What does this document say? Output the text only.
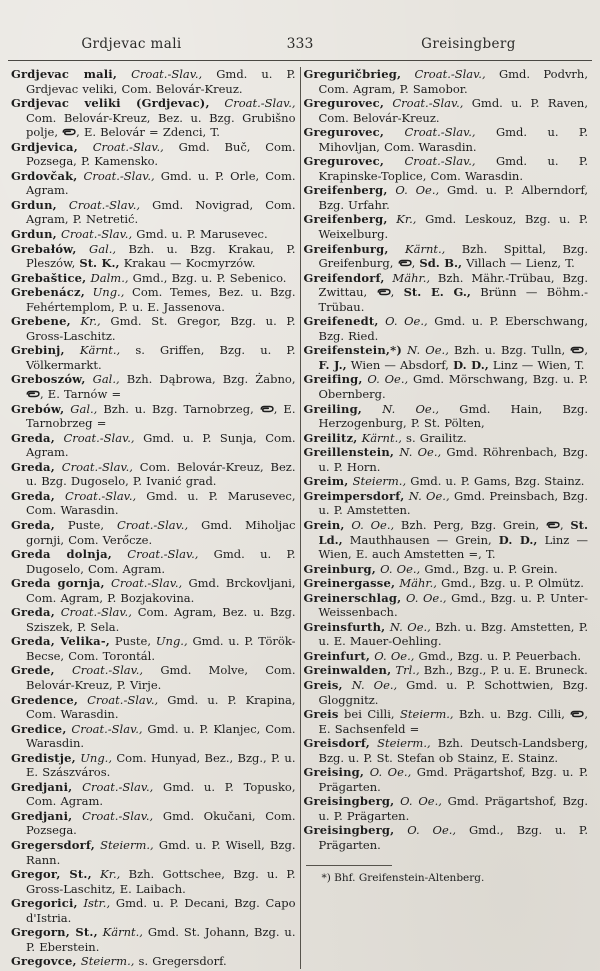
Grdjevac mali	333	Greisingberg

Grdjevac mali, Croat.-Slav., Gmd. u. P. Grdjevac veliki, Com. Belovár-Kreuz.

Grdjevac veliki (Grdjevac), Croat.-Slav., Com. Belovár-Kreuz, Bez. u. Bzg. Grubišno polje,
, E. Belovár = Zdenci, T.

Grdjevica, Croat.-Slav., Gmd. Buč, Com. Pozsega, P. Kamensko.

Grdovčak, Croat.-Slav., Gmd. u. P. Orle, Com. Agram.

Grdun, Croat.-Slav., Gmd. Novigrad, Com. Agram, P. Netretić.

Grdun, Croat.-Slav., Gmd. u. P. Marusevec.

Grebałów, Gal., Bzh. u. Bzg. Krakau, P. Pleszów, St. K., Krakau — Kocmyrzów.

Grebaštice, Dalm., Gmd., Bzg. u. P. Sebenico.

Grebenácz, Ung., Com. Temes, Bez. u. Bzg. Fehértemplom, P. u. E. Jassenova.

Grebene, Kr., Gmd. St. Gregor, Bzg. u. P. Gross-Laschitz.

Grebinj, Kärnt., s. Griffen, Bzg. u. P. Völkermarkt.

Greboszów, Gal., Bzh. Dąbrowa, Bzg. Żabno,
, E. Tarnów =

Grebów, Gal., Bzh. u. Bzg. Tarnobrzeg,
, E. Tarnobrzeg =

Greda, Croat.-Slav., Gmd. u. P. Sunja, Com. Agram.

Greda, Croat.-Slav., Com. Belovár-Kreuz, Bez. u. Bzg. Dugoselo, P. Ivanić grad.

Greda, Croat.-Slav., Gmd. u. P. Marusevec, Com. Warasdin.

Greda, Puste, Croat.-Slav., Gmd. Miholjac gornji, Com. Verőcze.

Greda dolnja, Croat.-Slav., Gmd. u. P. Dugoselo, Com. Agram.

Greda gornja, Croat.-Slav., Gmd. Brckovljani, Com. Agram, P. Bozjakovina.

Greda, Croat.-Slav., Com. Agram, Bez. u. Bzg. Sziszek, P. Sela.

Greda, Velika-, Puste, Ung., Gmd. u. P. Török-Becse, Com. Torontál.

Grede, Croat.-Slav., Gmd. Molve, Com. Belovár-Kreuz, P. Virje.

Gredence, Croat.-Slav., Gmd. u. P. Krapina, Com. Warasdin.

Gredice, Croat.-Slav., Gmd. u. P. Klanjec, Com. Warasdin.

Gredistje, Ung., Com. Hunyad, Bez., Bzg., P. u. E. Szászváros.

Gredjani, Croat.-Slav., Gmd. u. P. Topusko, Com. Agram.

Gredjani, Croat.-Slav., Gmd. Okučani, Com. Pozsega.

Gregersdorf, Steierm., Gmd. u. P. Wisell, Bzg. Rann.

Gregor, St., Kr., Bzh. Gottschee, Bzg. u. P. Gross-Laschitz, E. Laibach.

Gregorici, Istr., Gmd. u. P. Decani, Bzg. Capo d'Istria.

Gregorn, St., Kärnt., Gmd. St. Johann, Bzg. u. P. Eberstein.

Gregovce, Steierm., s. Gregersdorf.

Greguričbrieg, Croat.-Slav., Gmd. Podvrh, Com. Agram, P. Samobor.

Gregurovec, Croat.-Slav., Gmd. u. P. Raven, Com. Belovár-Kreuz.

Gregurovec, Croat.-Slav., Gmd. u. P. Mihovljan, Com. Warasdin.

Gregurovec, Croat.-Slav., Gmd. u. P. Krapinske-Toplice, Com. Warasdin.

Greifenberg, O. Oe., Gmd. u. P. Alberndorf, Bzg. Urfahr.

Greifenberg, Kr., Gmd. Leskouz, Bzg. u. P. Weixelburg.

Greifenburg, Kärnt., Bzh. Spittal, Bzg. Greifenburg,
, Sd. B., Villach — Lienz, T.

Greifendorf, Mähr., Bzh. Mähr.-Trübau, Bzg. Zwittau,
, St. E. G., Brünn — Böhm.-Trübau.

Greifenedt, O. Oe., Gmd. u. P. Eberschwang, Bzg. Ried.

Greifenstein,*) N. Oe., Bzh. u. Bzg. Tulln,
, F. J., Wien — Absdorf, D. D., Linz — Wien, T.

Greifing, O. Oe., Gmd. Mörschwang, Bzg. u. P. Obernberg.

Greiling, N. Oe., Gmd. Hain, Bzg. Herzogenburg, P. St. Pölten,

Greilitz, Kärnt., s. Grailitz.

Greillenstein, N. Oe., Gmd. Röhrenbach, Bzg. u. P. Horn.

Greim, Steierm., Gmd. u. P. Gams, Bzg. Stainz.

Greimpersdorf, N. Oe., Gmd. Preinsbach, Bzg. u. P. Amstetten.

Grein, O. Oe., Bzh. Perg, Bzg. Grein,
, St. Ld., Mauthhausen — Grein, D. D., Linz — Wien, E. auch Amstetten =, T.

Greinburg, O. Oe., Gmd., Bzg. u. P. Grein.

Greinergasse, Mähr., Gmd., Bzg. u. P. Olmütz.

Greinerschlag, O. Oe., Gmd., Bzg. u. P. Unter-Weissenbach.

Greinsfurth, N. Oe., Bzh. u. Bzg. Amstetten, P. u. E. Mauer-Oehling.

Greinfurt, O. Oe., Gmd., Bzg. u. P. Peuerbach.

Greinwalden, Trl., Bzh., Bzg., P. u. E. Bruneck.

Greis, N. Oe., Gmd. u. P. Schottwien, Bzg. Gloggnitz.

Greis bei Cilli, Steierm., Bzh. u. Bzg. Cilli,
, E. Sachsenfeld =

Greisdorf, Steierm., Bzh. Deutsch-Landsberg, Bzg. u. P. St. Stefan ob Stainz, E. Stainz.

Greising, O. Oe., Gmd. Prägartshof, Bzg. u. P. Prägarten.

Greisingberg, O. Oe., Gmd. Prägartshof, Bzg. u. P. Prägarten.

Greisingberg, O. Oe., Gmd., Bzg. u. P. Prägarten.

*) Bhf. Greifenstein-Altenberg.
